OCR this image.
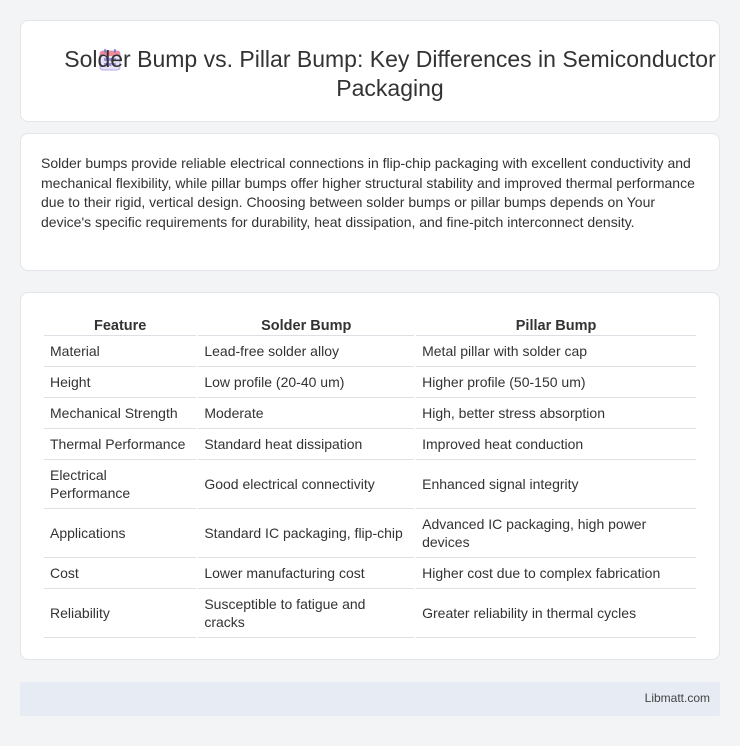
Solder Bump vs. Pillar Bump: Key Differences in Semiconductor Packaging

Solder bumps provide reliable electrical connections in flip-chip packaging with excellent conductivity and mechanical flexibility, while pillar bumps offer higher structural stability and improved thermal performance due to their rigid, vertical design. Choosing between solder bumps or pillar bumps depends on Your device's specific requirements for durability, heat dissipation, and fine-pitch interconnect density.

Feature	Solder Bump	Pillar Bump
Material	Lead-free solder alloy	Metal pillar with solder cap
Height	Low profile (20-40 um)	Higher profile (50-150 um)
Mechanical Strength	Moderate	High, better stress absorption
Thermal Performance	Standard heat dissipation	Improved heat conduction
Electrical Performance	Good electrical connectivity	Enhanced signal integrity
Applications	Standard IC packaging, flip-chip	Advanced IC packaging, high power devices
Cost	Lower manufacturing cost	Higher cost due to complex fabrication
Reliability	Susceptible to fatigue and cracks	Greater reliability in thermal cycles
Libmatt.com
